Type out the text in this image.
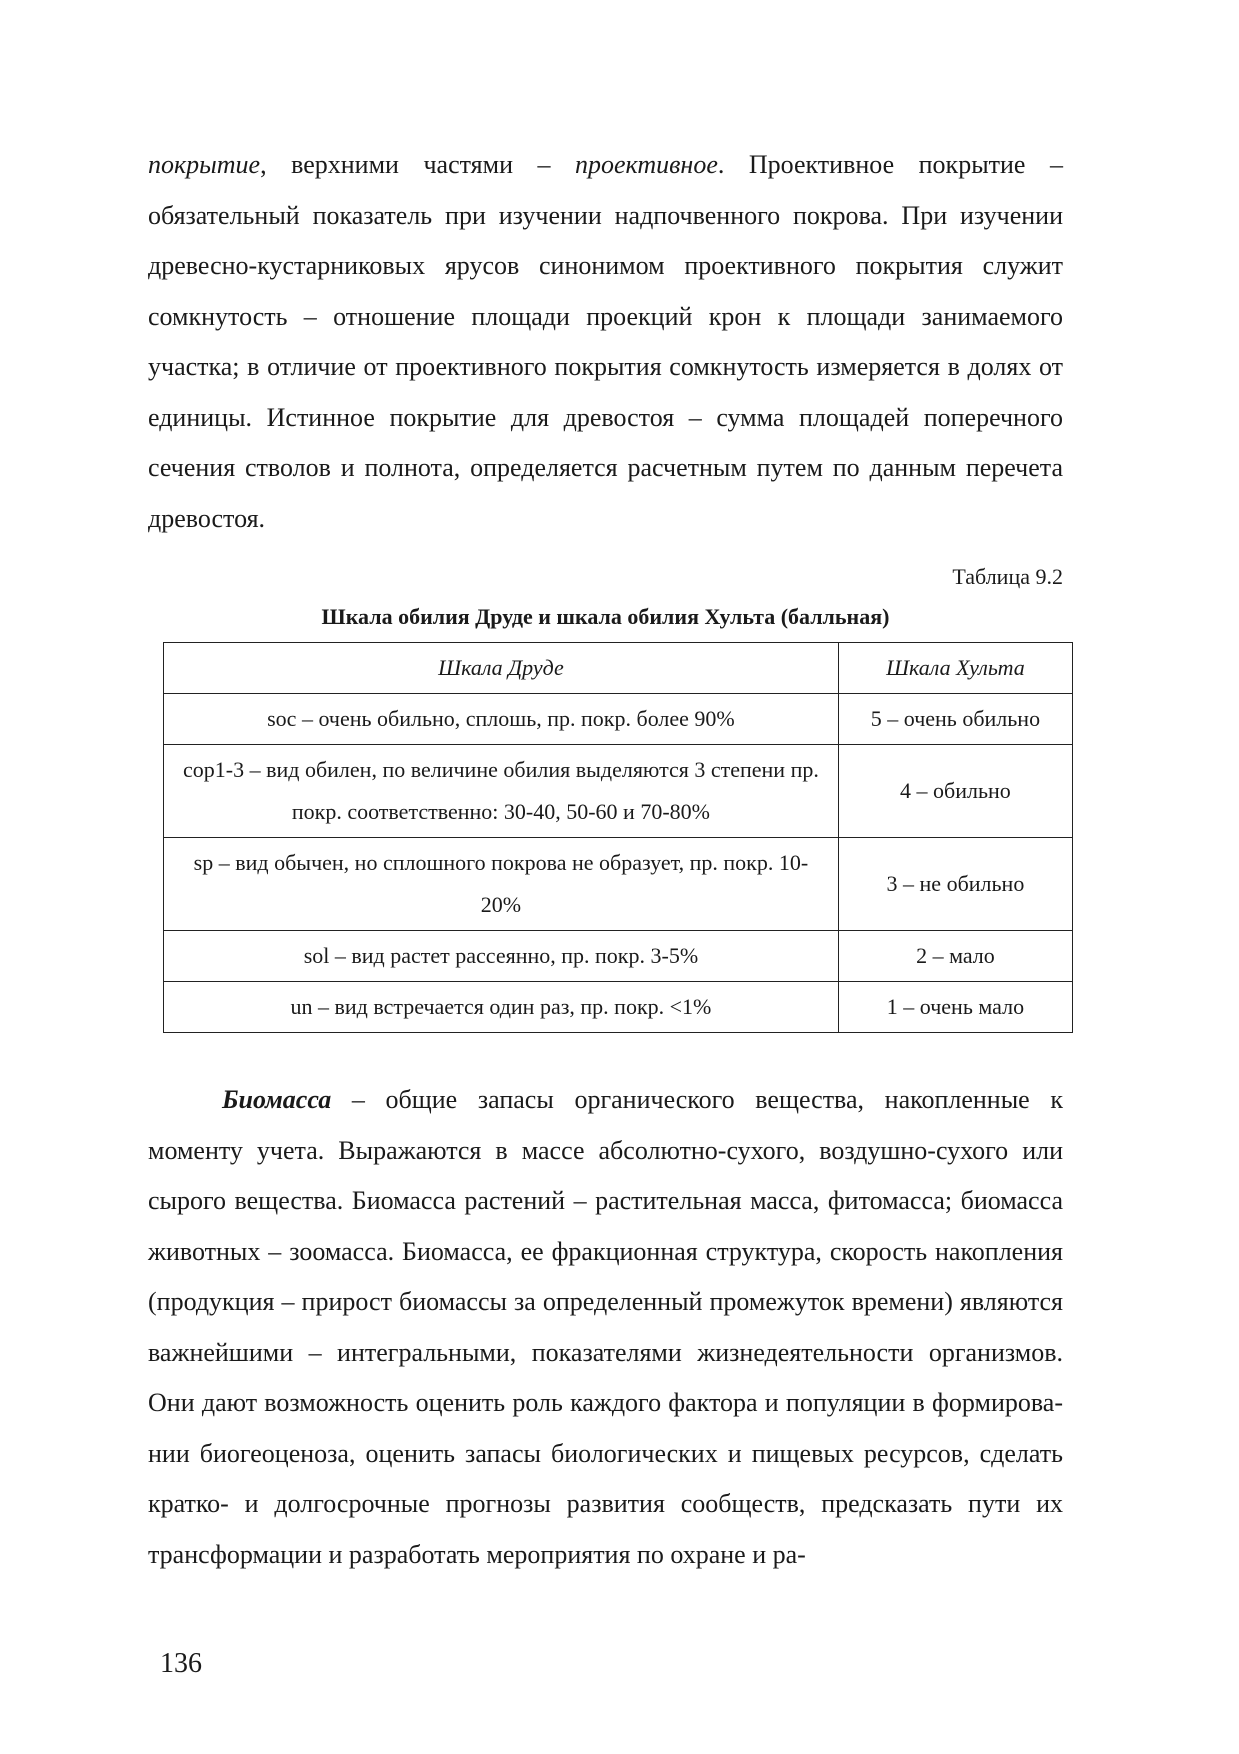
покрытие, верхними частями – проективное. Проективное покрытие – обязательный показатель при изучении надпочвенного покрова. При изучении древесно-кустарниковых ярусов синонимом проективного покрытия служит сомкнутость – отношение площади проекций крон к площади занимаемого участка; в отличие от проективного покрытия сомкнутость измеряется в долях от единицы. Истинное покрытие для древостоя – сумма площадей поперечного сечения стволов и полнота, определяется расчетным путем по данным перечета древостоя.

Таблица 9.2
Шкала обилия Друде и шкала обилия Хульта (балльная)
Шкала Друде	Шкала Хульта
soc – очень обильно, сплошь, пр. покр. более 90%	5 – очень обильно
cop1-3 – вид обилен, по величине обилия выделяются 3 степени пр. покр. соответственно: 30-40, 50-60 и 70-80%	4 – обильно
sp – вид обычен, но сплошного покрова не образует, пр. покр. 10-20%	3 – не обильно
sol – вид растет рассеянно, пр. покр. 3-5%	2 – мало
un – вид встречается один раз, пр. покр. <1%	1 – очень мало

Биомасса – общие запасы органического вещества, накопленные к моменту учета. Выражаются в массе абсолютно-сухого, воздушно-сухого или сырого вещества. Биомасса растений – растительная масса, фитомасса; биомасса животных – зоомасса. Биомасса, ее фракционная структура, скорость накопления (продукция – прирост биомассы за определенный промежуток времени) являются важнейшими – интегральными, показателями жизнедеятельности организмов. Они дают возможность оценить роль каждого фактора и популяции в формировании биогеоценоза, оценить запасы биологических и пищевых ресурсов, сделать кратко- и долгосрочные прогнозы развития сообществ, предсказать пути их трансформации и разработать мероприятия по охране и ра-

136
